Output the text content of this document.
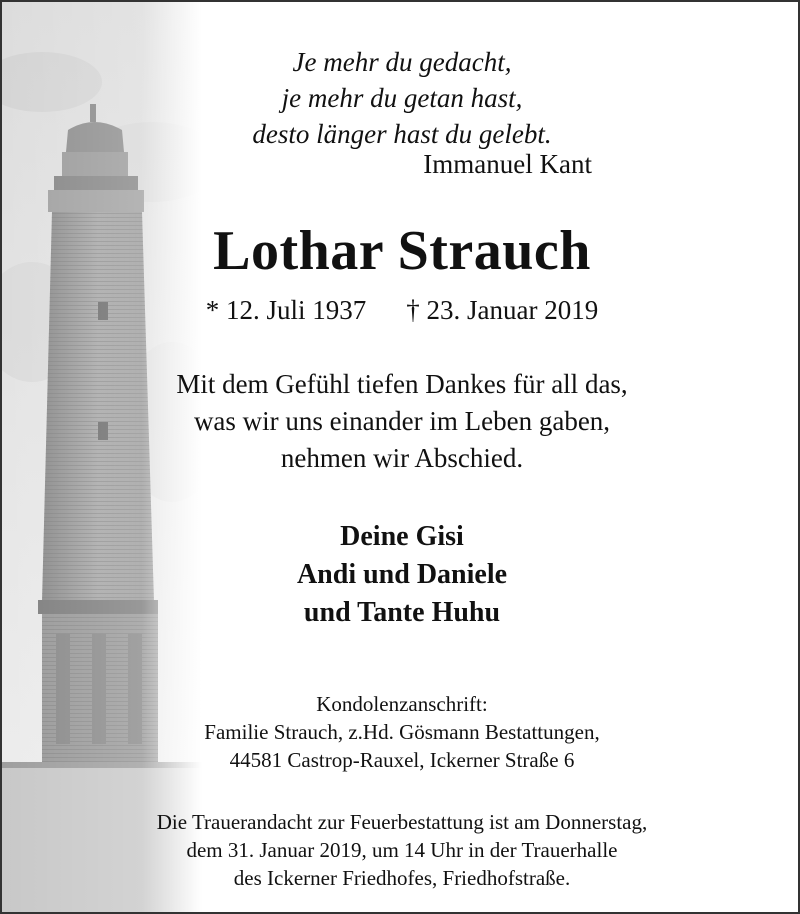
Je mehr du gedacht,
je mehr du getan hast,
desto länger hast du gelebt.
Immanuel Kant
Lothar Strauch
* 12. Juli 1937 † 23. Januar 2019
Mit dem Gefühl tiefen Dankes für all das,
was wir uns einander im Leben gaben,
nehmen wir Abschied.
Deine Gisi
Andi und Daniele
und Tante Huhu
Kondolenzanschrift:
Familie Strauch, z.Hd. Gösmann Bestattungen,
44581 Castrop-Rauxel, Ickerner Straße 6
Die Trauerandacht zur Feuerbestattung ist am Donnerstag,
dem 31. Januar 2019, um 14 Uhr in der Trauerhalle
des Ickerner Friedhofes, Friedhofstraße.
